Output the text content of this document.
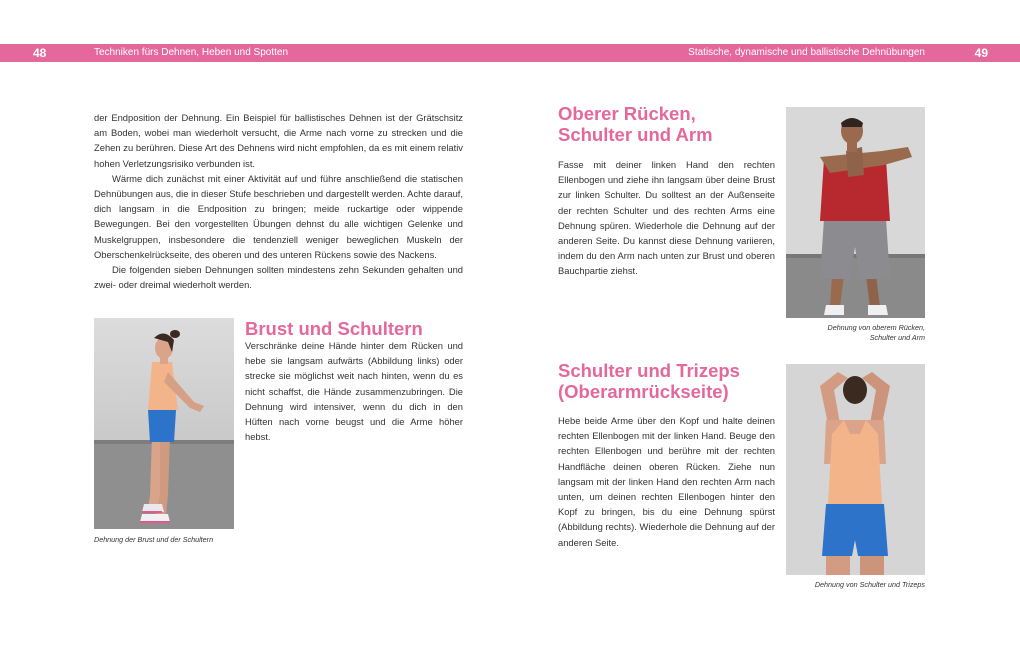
48	Techniken fürs Dehnen, Heben und Spotten	Statische, dynamische und ballistische Dehnübungen	49

der Endposition der Dehnung. Ein Beispiel für ballistisches Dehnen ist der Grätschsitz am Boden, wobei man wiederholt versucht, die Arme nach vorne zu strecken und die Zehen zu berühren. Diese Art des Dehnens wird nicht empfohlen, da es mit einem relativ hohen Verletzungsrisiko verbunden ist.

Wärme dich zunächst mit einer Aktivität auf und führe anschließend die statischen Dehnübungen aus, die in dieser Stufe beschrieben und dargestellt werden. Achte darauf, dich langsam in die Endposition zu bringen; meide ruckartige oder wippende Bewegungen. Bei den vorgestellten Übungen dehnst du alle wichtigen Gelenke und Muskelgruppen, insbesondere die tendenziell weniger beweglichen Muskeln der Oberschenkelrückseite, des oberen und des unteren Rückens sowie des Nackens.

Die folgenden sieben Dehnungen sollten mindestens zehn Sekunden gehalten und zwei- oder dreimal wiederholt werden.

Dehnung der Brust und der Schultern
Brust und Schultern

Verschränke deine Hände hinter dem Rücken und hebe sie langsam aufwärts (Abbildung links) oder strecke sie möglichst weit nach hinten, wenn du es nicht schaffst, die Hände zusammenzubringen. Die Dehnung wird intensiver, wenn du dich in den Hüften nach vorne beugst und die Arme höher hebst.

Oberer Rücken,
Schulter und Arm

Fasse mit deiner linken Hand den rechten Ellenbogen und ziehe ihn langsam über deine Brust zur linken Schulter. Du solltest an der Außenseite der rechten Schulter und des rechten Arms eine Dehnung spüren. Wiederhole die Dehnung auf der anderen Seite. Du kannst diese Dehnung variieren, indem du den Arm nach unten zur Brust und oberen Bauchpartie ziehst.

Dehnung von oberem Rücken,
Schulter und Arm
Schulter und Trizeps
(Oberarmrückseite)

Hebe beide Arme über den Kopf und halte deinen rechten Ellenbogen mit der linken Hand. Beuge den rechten Ellenbogen und berühre mit der rechten Handfläche deinen oberen Rücken. Ziehe nun langsam mit der linken Hand den rechten Arm nach unten, um deinen rechten Ellenbogen hinter den Kopf zu bringen, bis du eine Dehnung spürst (Abbildung rechts). Wiederhole die Dehnung auf der anderen Seite.

Dehnung von Schulter und Trizeps
